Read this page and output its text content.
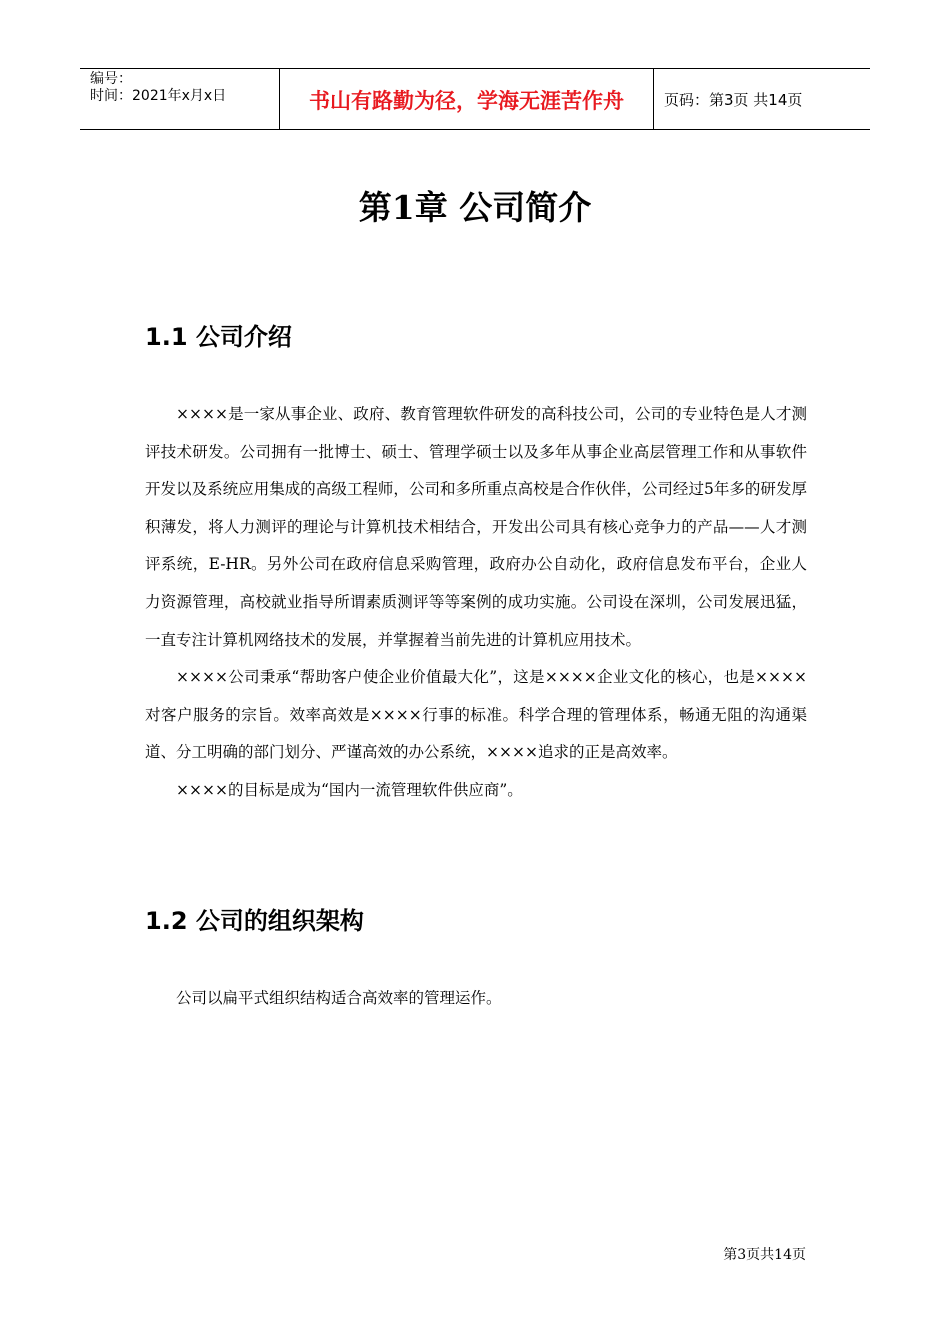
编号：
时间：2021年x月x日	书山有路勤为径，学海无涯苦作舟	页码：第3页 共14页
第1章 公司简介
1.1 公司介绍

××××是一家从事企业、政府、教育管理软件研发的高科技公司，公司的专业特色是人才测评技术研发。公司拥有一批博士、硕士、管理学硕士以及多年从事企业高层管理工作和从事软件开发以及系统应用集成的高级工程师，公司和多所重点高校是合作伙伴，公司经过5年多的研发厚积薄发，将人力测评的理论与计算机技术相结合，开发出公司具有核心竞争力的产品——人才测评系统，E-HR。另外公司在政府信息采购管理，政府办公自动化，政府信息发布平台，企业人力资源管理，高校就业指导所谓素质测评等等案例的成功实施。公司设在深圳，公司发展迅猛，一直专注计算机网络技术的发展，并掌握着当前先进的计算机应用技术。

××××公司秉承“帮助客户使企业价值最大化”，这是××××企业文化的核心，也是××××对客户服务的宗旨。效率高效是××××行事的标准。科学合理的管理体系，畅通无阻的沟通渠道、分工明确的部门划分、严谨高效的办公系统，××××追求的正是高效率。

××××的目标是成为“国内一流管理软件供应商”。

1.2 公司的组织架构

公司以扁平式组织结构适合高效率的管理运作。

第3页共14页
